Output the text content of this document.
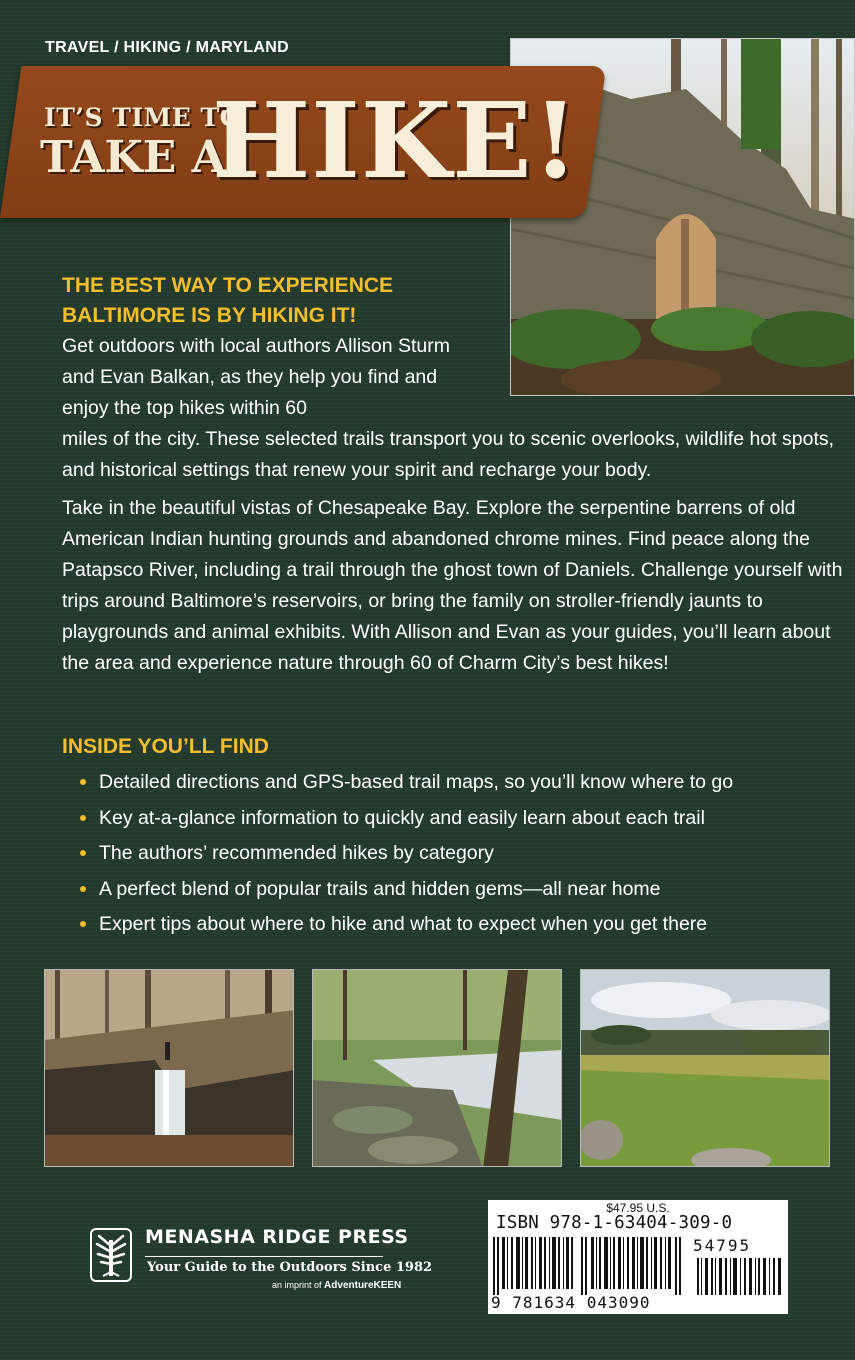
TRAVEL / HIKING / MARYLAND
IT’S TIME TO
TAKE A
HIKE!
THE BEST WAY TO EXPERIENCE BALTIMORE IS BY HIKING IT!
Get outdoors with local authors Allison Sturm and Evan Balkan, as they help you find and enjoy the top hikes within 60
miles of the city. These selected trails transport you to scenic overlooks, wildlife hot spots, and historical settings that renew your spirit and recharge your body.
Take in the beautiful vistas of Chesapeake Bay. Explore the serpentine barrens of old American Indian hunting grounds and abandoned chrome mines. Find peace along the Patapsco River, including a trail through the ghost town of Daniels. Challenge yourself with trips around Baltimore’s reservoirs, or bring the family on stroller-friendly jaunts to playgrounds and animal exhibits. With Allison and Evan as your guides, you’ll learn about the area and experience nature through 60 of Charm City’s best hikes!
INSIDE YOU’LL FIND
Detailed directions and GPS-based trail maps, so you’ll know where to go
Key at-a-glance information to quickly and easily learn about each trail
The authors’ recommended hikes by category
A perfect blend of popular trails and hidden gems—all near home
Expert tips about where to hike and what to expect when you get there
MENASHA RIDGE PRESS
Your Guide to the Outdoors Since 1982
an imprint of AdventureKEEN
$47.95 U.S.
ISBN 978-1-63404-309-0
54795
9 781634 043090
